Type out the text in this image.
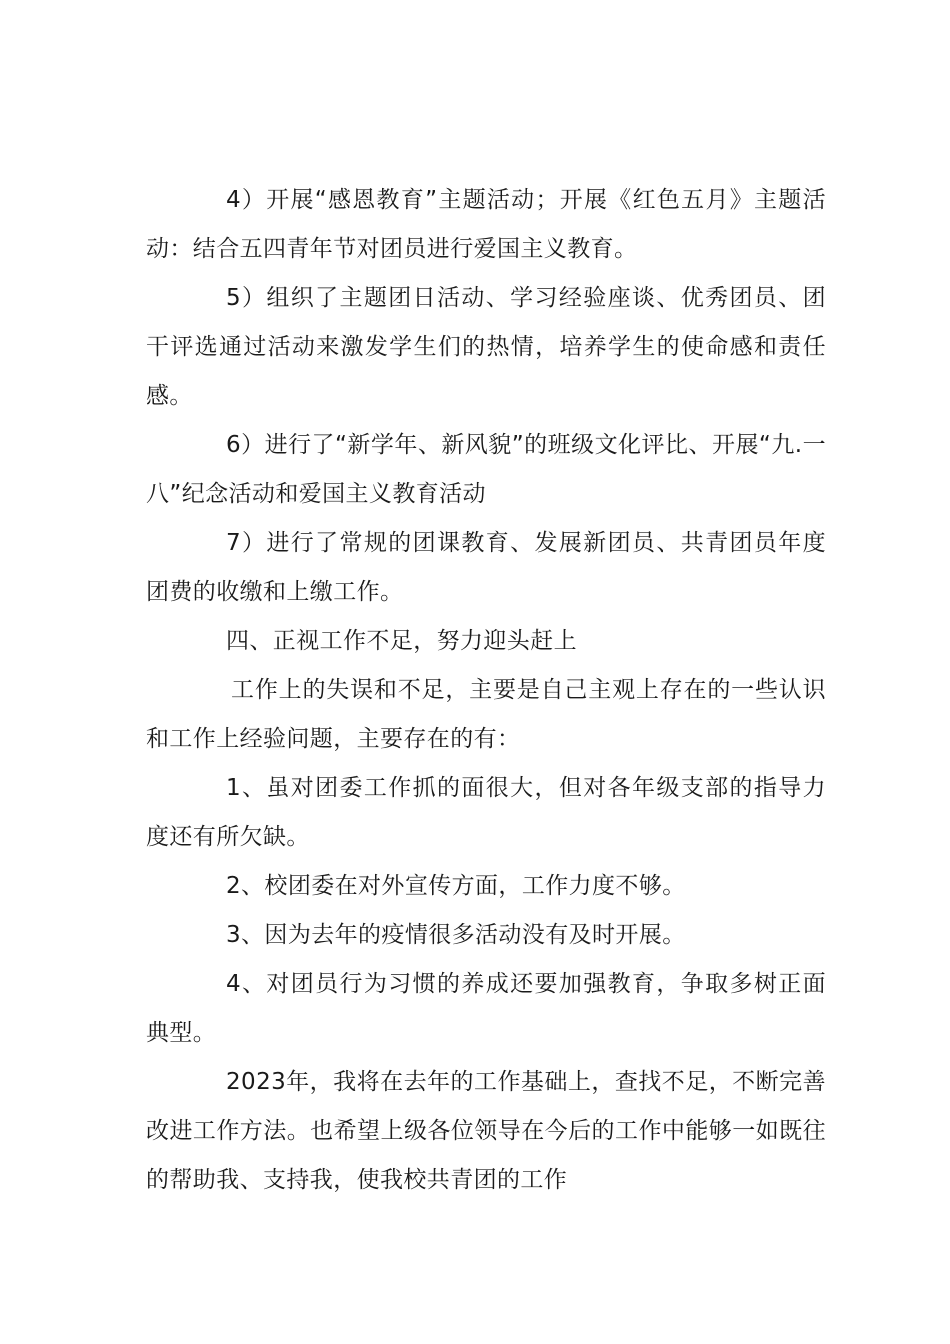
4）开展“感恩教育”主题活动；开展《红色五月》主题活动：结合五四青年节对团员进行爱国主义教育。

5）组织了主题团日活动、学习经验座谈、优秀团员、团干评选通过活动来激发学生们的热情，培养学生的使命感和责任感。

6）进行了“新学年、新风貌”的班级文化评比、开展“九.一八”纪念活动和爱国主义教育活动

7）进行了常规的团课教育、发展新团员、共青团员年度团费的收缴和上缴工作。

四、正视工作不足，努力迎头赶上

工作上的失误和不足，主要是自己主观上存在的一些认识和工作上经验问题，主要存在的有：

1、虽对团委工作抓的面很大，但对各年级支部的指导力度还有所欠缺。

2、校团委在对外宣传方面，工作力度不够。

3、因为去年的疫情很多活动没有及时开展。

4、对团员行为习惯的养成还要加强教育，争取多树正面典型。

2023年，我将在去年的工作基础上，查找不足，不断完善改进工作方法。也希望上级各位领导在今后的工作中能够一如既往的帮助我、支持我，使我校共青团的工作
